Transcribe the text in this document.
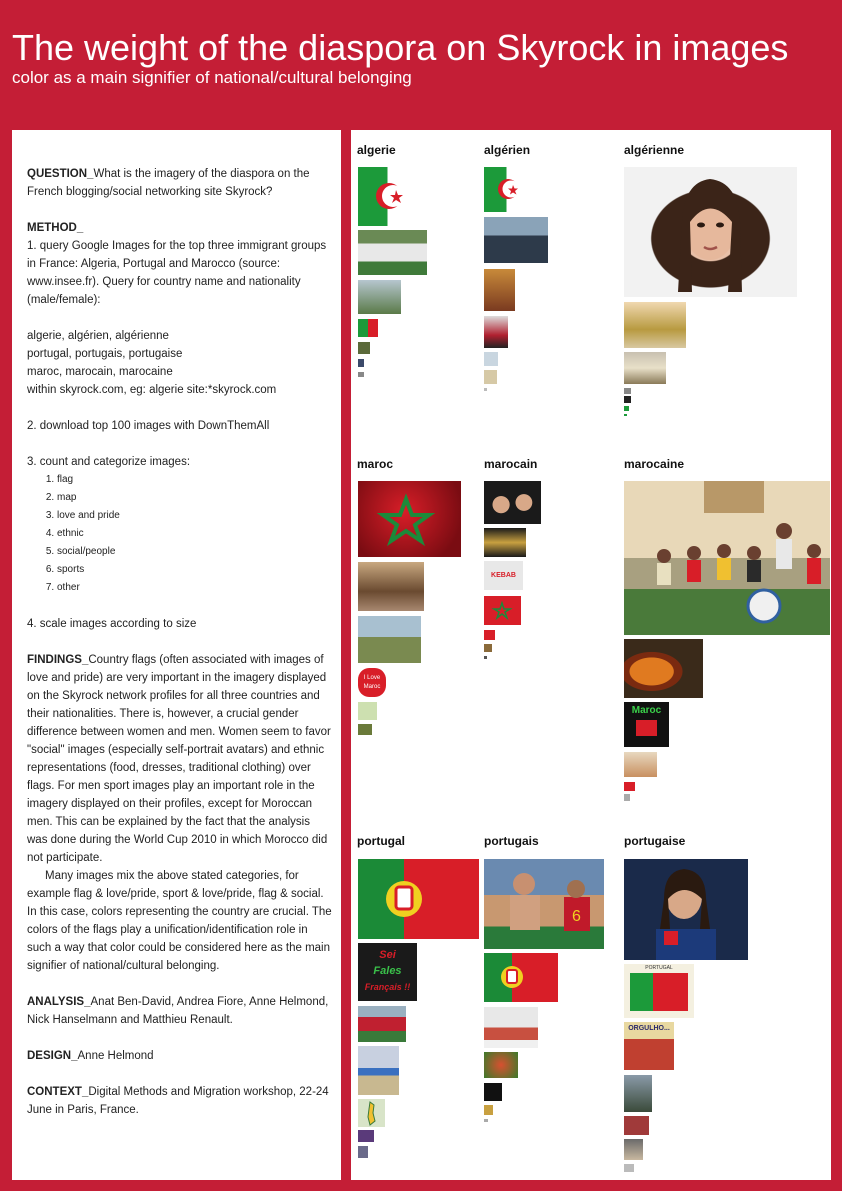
The weight of the diaspora on Skyrock in images
color as a main signifier of national/cultural belonging

QUESTION_What is the imagery of the diaspora on the French blogging/social networking site Skyrock?

METHOD_

1. query Google Images for the top three immigrant groups in France: Algeria, Portugal and Marocco (source: www.insee.fr). Query for country name and nationality (male/female):

algerie, algérien, algérienne
portugal, portugais, portugaise
maroc, marocain, marocaine
within skyrock.com, eg: algerie site:*skyrock.com

2. download top 100 images with DownThemAll

3. count and categorize images:
1. flag
2. map
3. love and pride
4. ethnic
5. social/people
6. sports
7. other

4. scale images according to size

FINDINGS_Country flags (often associated with images of love and pride) are very important in the imagery displayed on the Skyrock network profiles for all three countries and their nationalities. There is, however, a crucial gender difference between women and men. Women seem to favor "social" images (especially self-portrait avatars) and ethnic representations (food, dresses, traditional clothing) over flags. For men sport images play an important role in the imagery displayed on their profiles, except for Moroccan men. This can be explained by the fact that the analysis was done during the World Cup 2010 in which Morocco did not participate.

Many images mix the above stated categories, for example flag & love/pride, sport & love/pride, flag & social. In this case, colors representing the country are crucial. The colors of the flags play a unification/identification role in such a way that color could be considered here as the main signifier of national/cultural belonging.

ANALYSIS_Anat Ben-David, Andrea Fiore, Anne Helmond, Nick Hanselmann and Matthieu Renault.

DESIGN_Anne Helmond

CONTEXT_Digital Methods and Migration workshop, 22-24 June in Paris, France.

algerie	algérien	algérienne
maroc	marocain	marocaine
I Love Maroc
KEBAB
Maroc
portugal	portugais	portugaise
Sei
Fales
Français !!
6
PORTUGAL
ORGULHO...
